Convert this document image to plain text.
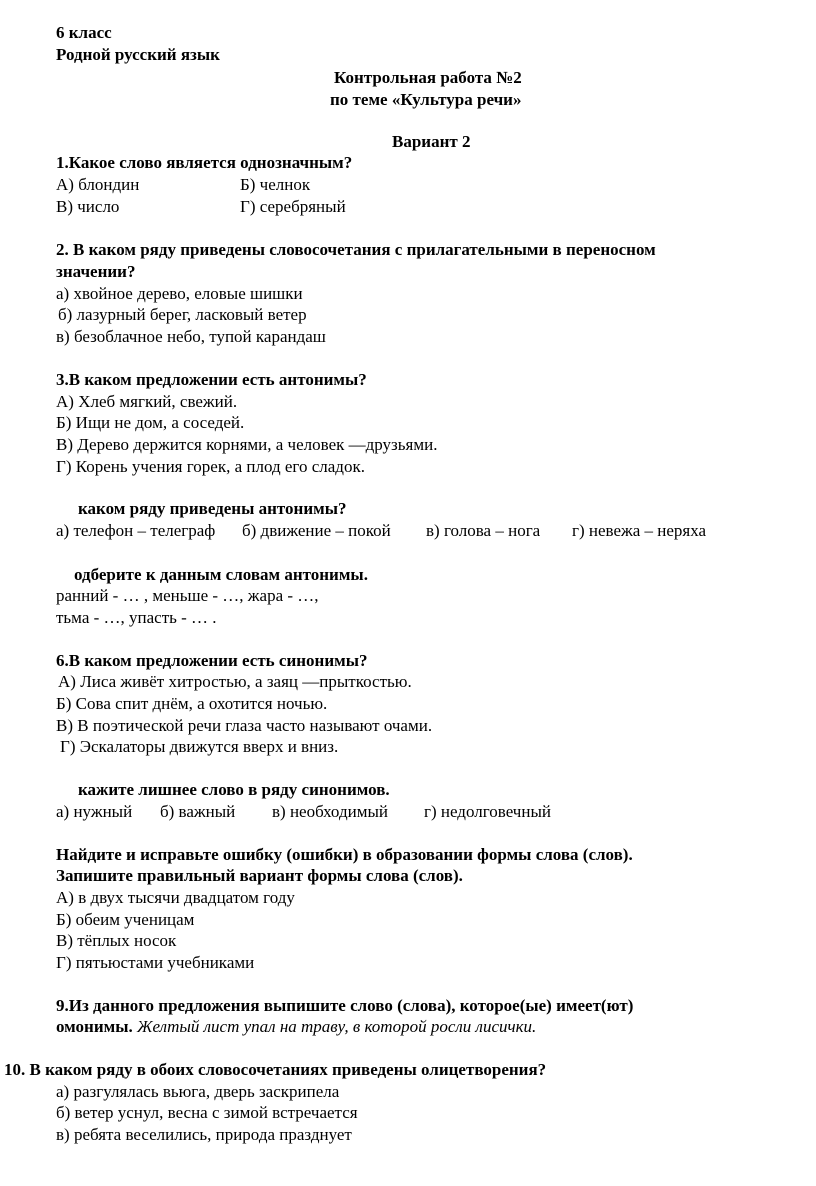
6 класс
Родной русский язык
Контрольная работа №2
по теме «Культура речи»
Вариант 2
1.Какое слово является однозначным?
А) блондин	Б) челнок
В) число	Г) серебряный
2. В каком ряду приведены словосочетания с прилагательными в переносном
значении?
а) хвойное дерево, еловые шишки
б) лазурный берег, ласковый ветер
в) безоблачное небо, тупой карандаш
3.В каком предложении есть антонимы?
А) Хлеб мягкий, свежий.
Б) Ищи не дом, а соседей.
В) Дерево держится корнями, а человек —друзьями.
Г) Корень учения горек, а плод его сладок.
каком ряду приведены антонимы?
а) телефон – телеграф б) движение – покой в) голова – нога г) невежа – неряха
одберите к данным словам антонимы.
ранний - … , меньше - …, жара - …,
тьма - …, упасть - … .
6.В каком предложении есть синонимы?
А) Лиса живёт хитростью, а заяц —прыткостью.
Б) Сова спит днём, а охотится ночью.
В) В поэтической речи глаза часто называют очами.
Г) Эскалаторы движутся вверх и вниз.
кажите лишнее слово в ряду синонимов.
а) нужный б) важный в) необходимый г) недолговечный
Найдите и исправьте ошибку (ошибки) в образовании формы слова (слов).
Запишите правильный вариант формы слова (слов).
А) в двух тысячи двадцатом году
Б) обеим ученицам
В) тёплых носок
Г) пятьюстами учебниками
9.Из данного предложения выпишите слово (слова), которое(ые) имеет(ют)
омонимы. Желтый лист упал на траву, в которой росли лисички.
10. В каком ряду в обоих словосочетаниях приведены олицетворения?
а) разгулялась вьюга, дверь заскрипела
б) ветер уснул, весна с зимой встречается
в) ребята веселились, природа празднует
